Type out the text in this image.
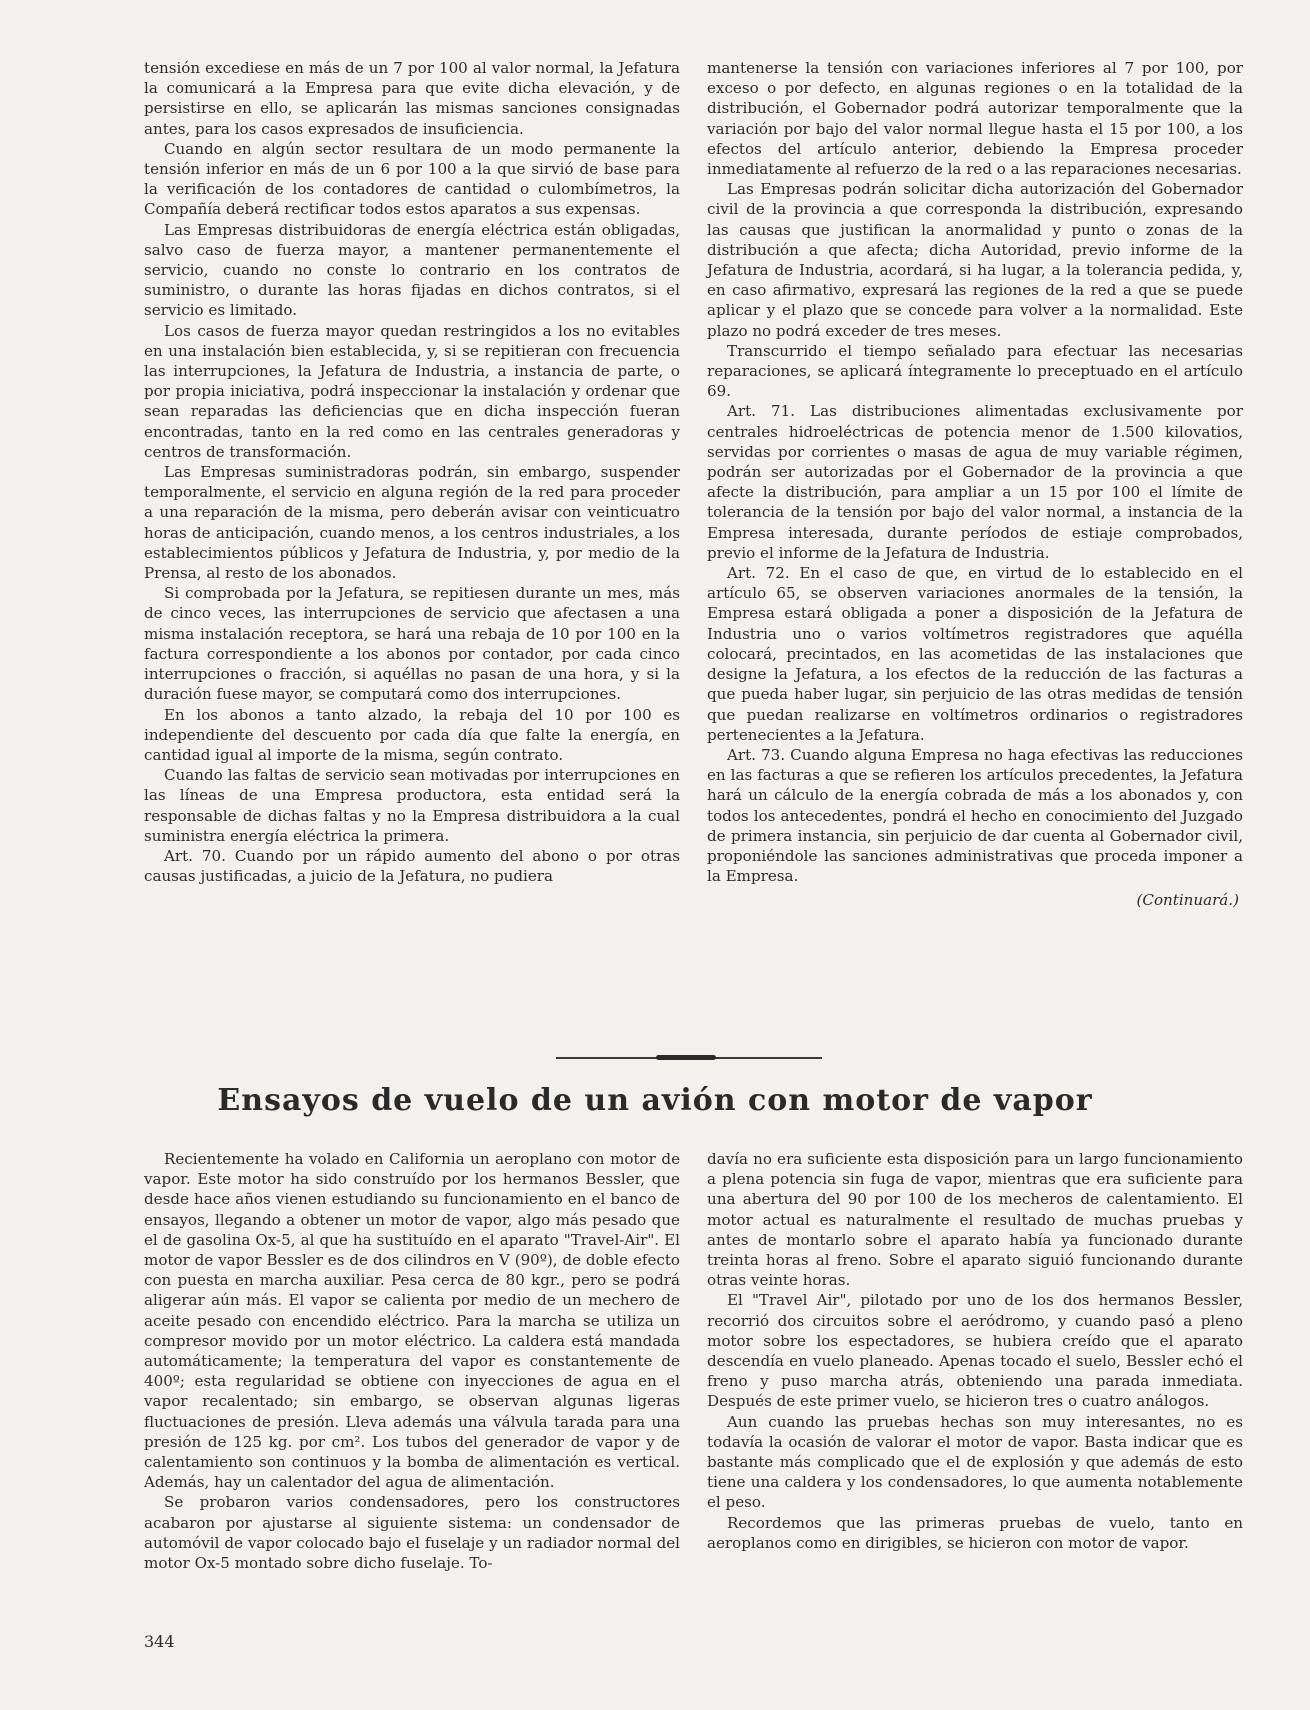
tensión excediese en más de un 7 por 100 al valor normal, la Jefatura la comunicará a la Empresa para que evite dicha elevación, y de persistirse en ello, se aplicarán las mismas sanciones consignadas antes, para los casos expresados de insuficiencia.

Cuando en algún sector resultara de un modo permanente la tensión inferior en más de un 6 por 100 a la que sirvió de base para la verificación de los contadores de cantidad o culombímetros, la Compañía deberá rectificar todos estos aparatos a sus expensas.

Las Empresas distribuidoras de energía eléctrica están obligadas, salvo caso de fuerza mayor, a mantener permanentemente el servicio, cuando no conste lo contrario en los contratos de suministro, o durante las horas fijadas en dichos contratos, si el servicio es limitado.

Los casos de fuerza mayor quedan restringidos a los no evitables en una instalación bien establecida, y, si se repitieran con frecuencia las interrupciones, la Jefatura de Industria, a instancia de parte, o por propia iniciativa, podrá inspeccionar la instalación y ordenar que sean reparadas las deficiencias que en dicha inspección fueran encontradas, tanto en la red como en las centrales generadoras y centros de transformación.

Las Empresas suministradoras podrán, sin embargo, suspender temporalmente, el servicio en alguna región de la red para proceder a una reparación de la misma, pero deberán avisar con veinticuatro horas de anticipación, cuando menos, a los centros industriales, a los establecimientos públicos y Jefatura de Industria, y, por medio de la Prensa, al resto de los abonados.

Si comprobada por la Jefatura, se repitiesen durante un mes, más de cinco veces, las interrupciones de servicio que afectasen a una misma instalación receptora, se hará una rebaja de 10 por 100 en la factura correspondiente a los abonos por contador, por cada cinco interrupciones o fracción, si aquéllas no pasan de una hora, y si la duración fuese mayor, se computará como dos interrupciones.

En los abonos a tanto alzado, la rebaja del 10 por 100 es independiente del descuento por cada día que falte la energía, en cantidad igual al importe de la misma, según contrato.

Cuando las faltas de servicio sean motivadas por interrupciones en las líneas de una Empresa productora, esta entidad será la responsable de dichas faltas y no la Empresa distribuidora a la cual suministra energía eléctrica la primera.

Art. 70. Cuando por un rápido aumento del abono o por otras causas justificadas, a juicio de la Jefatura, no pudiera

mantenerse la tensión con variaciones inferiores al 7 por 100, por exceso o por defecto, en algunas regiones o en la totalidad de la distribución, el Gobernador podrá autorizar temporalmente que la variación por bajo del valor normal llegue hasta el 15 por 100, a los efectos del artículo anterior, debiendo la Empresa proceder inmediatamente al refuerzo de la red o a las reparaciones necesarias.

Las Empresas podrán solicitar dicha autorización del Gobernador civil de la provincia a que corresponda la distribución, expresando las causas que justifican la anormalidad y punto o zonas de la distribución a que afecta; dicha Autoridad, previo informe de la Jefatura de Industria, acordará, si ha lugar, a la tolerancia pedida, y, en caso afirmativo, expresará las regiones de la red a que se puede aplicar y el plazo que se concede para volver a la normalidad. Este plazo no podrá exceder de tres meses.

Transcurrido el tiempo señalado para efectuar las necesarias reparaciones, se aplicará íntegramente lo preceptuado en el artículo 69.

Art. 71. Las distribuciones alimentadas exclusivamente por centrales hidroeléctricas de potencia menor de 1.500 kilovatios, servidas por corrientes o masas de agua de muy variable régimen, podrán ser autorizadas por el Gobernador de la provincia a que afecte la distribución, para ampliar a un 15 por 100 el límite de tolerancia de la tensión por bajo del valor normal, a instancia de la Empresa interesada, durante períodos de estiaje comprobados, previo el informe de la Jefatura de Industria.

Art. 72. En el caso de que, en virtud de lo establecido en el artículo 65, se observen variaciones anormales de la tensión, la Empresa estará obligada a poner a disposición de la Jefatura de Industria uno o varios voltímetros registradores que aquélla colocará, precintados, en las acometidas de las instalaciones que designe la Jefatura, a los efectos de la reducción de las facturas a que pueda haber lugar, sin perjuicio de las otras medidas de tensión que puedan realizarse en voltímetros ordinarios o registradores pertenecientes a la Jefatura.

Art. 73. Cuando alguna Empresa no haga efectivas las reducciones en las facturas a que se refieren los artículos precedentes, la Jefatura hará un cálculo de la energía cobrada de más a los abonados y, con todos los antecedentes, pondrá el hecho en conocimiento del Juzgado de primera instancia, sin perjuicio de dar cuenta al Gobernador civil, proponiéndole las sanciones administrativas que proceda imponer a la Empresa.

(Continuará.)

Ensayos de vuelo de un avión con motor de vapor

Recientemente ha volado en California un aeroplano con motor de vapor. Este motor ha sido construído por los hermanos Bessler, que desde hace años vienen estudiando su funcionamiento en el banco de ensayos, llegando a obtener un motor de vapor, algo más pesado que el de gasolina Ox-5, al que ha sustituído en el aparato "Travel-Air". El motor de vapor Bessler es de dos cilindros en V (90º), de doble efecto con puesta en marcha auxiliar. Pesa cerca de 80 kgr., pero se podrá aligerar aún más. El vapor se calienta por medio de un mechero de aceite pesado con encendido eléctrico. Para la marcha se utiliza un compresor movido por un motor eléctrico. La caldera está mandada automáticamente; la temperatura del vapor es constantemente de 400º; esta regularidad se obtiene con inyecciones de agua en el vapor recalentado; sin embargo, se observan algunas ligeras fluctuaciones de presión. Lleva además una válvula tarada para una presión de 125 kg. por cm². Los tubos del generador de vapor y de calentamiento son continuos y la bomba de alimentación es vertical. Además, hay un calentador del agua de alimentación.

Se probaron varios condensadores, pero los constructores acabaron por ajustarse al siguiente sistema: un condensador de automóvil de vapor colocado bajo el fuselaje y un radiador normal del motor Ox-5 montado sobre dicho fuselaje. To-

davía no era suficiente esta disposición para un largo funcionamiento a plena potencia sin fuga de vapor, mientras que era suficiente para una abertura del 90 por 100 de los mecheros de calentamiento. El motor actual es naturalmente el resultado de muchas pruebas y antes de montarlo sobre el aparato había ya funcionado durante treinta horas al freno. Sobre el aparato siguió funcionando durante otras veinte horas.

El "Travel Air", pilotado por uno de los dos hermanos Bessler, recorrió dos circuitos sobre el aeródromo, y cuando pasó a pleno motor sobre los espectadores, se hubiera creído que el aparato descendía en vuelo planeado. Apenas tocado el suelo, Bessler echó el freno y puso marcha atrás, obteniendo una parada inmediata. Después de este primer vuelo, se hicieron tres o cuatro análogos.

Aun cuando las pruebas hechas son muy interesantes, no es todavía la ocasión de valorar el motor de vapor. Basta indicar que es bastante más complicado que el de explosión y que además de esto tiene una caldera y los condensadores, lo que aumenta notablemente el peso.

Recordemos que las primeras pruebas de vuelo, tanto en aeroplanos como en dirigibles, se hicieron con motor de vapor.

344
